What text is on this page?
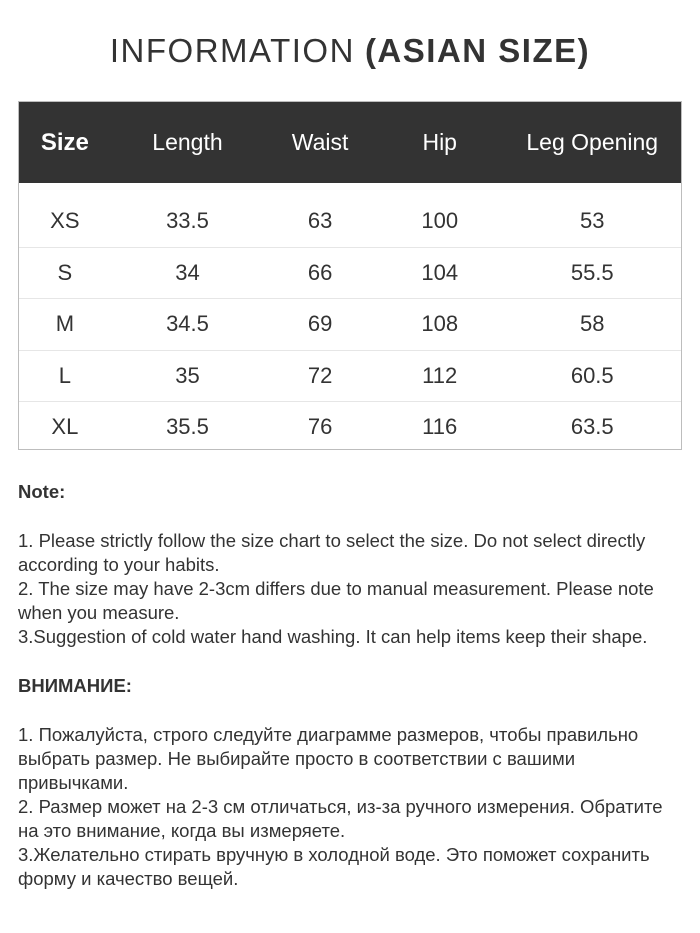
INFORMATION (ASIAN SIZE)
Size	Length	Waist	Hip	Leg Opening
XS	33.5	63	100	53
S	34	66	104	55.5
M	34.5	69	108	58
L	35	72	112	60.5
XL	35.5	76	116	63.5
Note:

1. Please strictly follow the size chart to select the size. Do not select directly according to your habits.

2. The size may have 2-3cm differs due to manual measurement. Please note when you measure.

3.Suggestion of cold water hand washing. It can help items keep their shape.

ВНИМАНИЕ:

1. Пожалуйста, строго следуйте диаграмме размеров, чтобы правильно выбрать размер. Не выбирайте просто в соответствии с вашими привычками.

2. Размер может на 2-3 см отличаться, из-за ручного измерения. Обратите на это внимание, когда вы измеряете.

3.Желательно стирать вручную в холодной воде. Это поможет сохранить форму и качество вещей.
